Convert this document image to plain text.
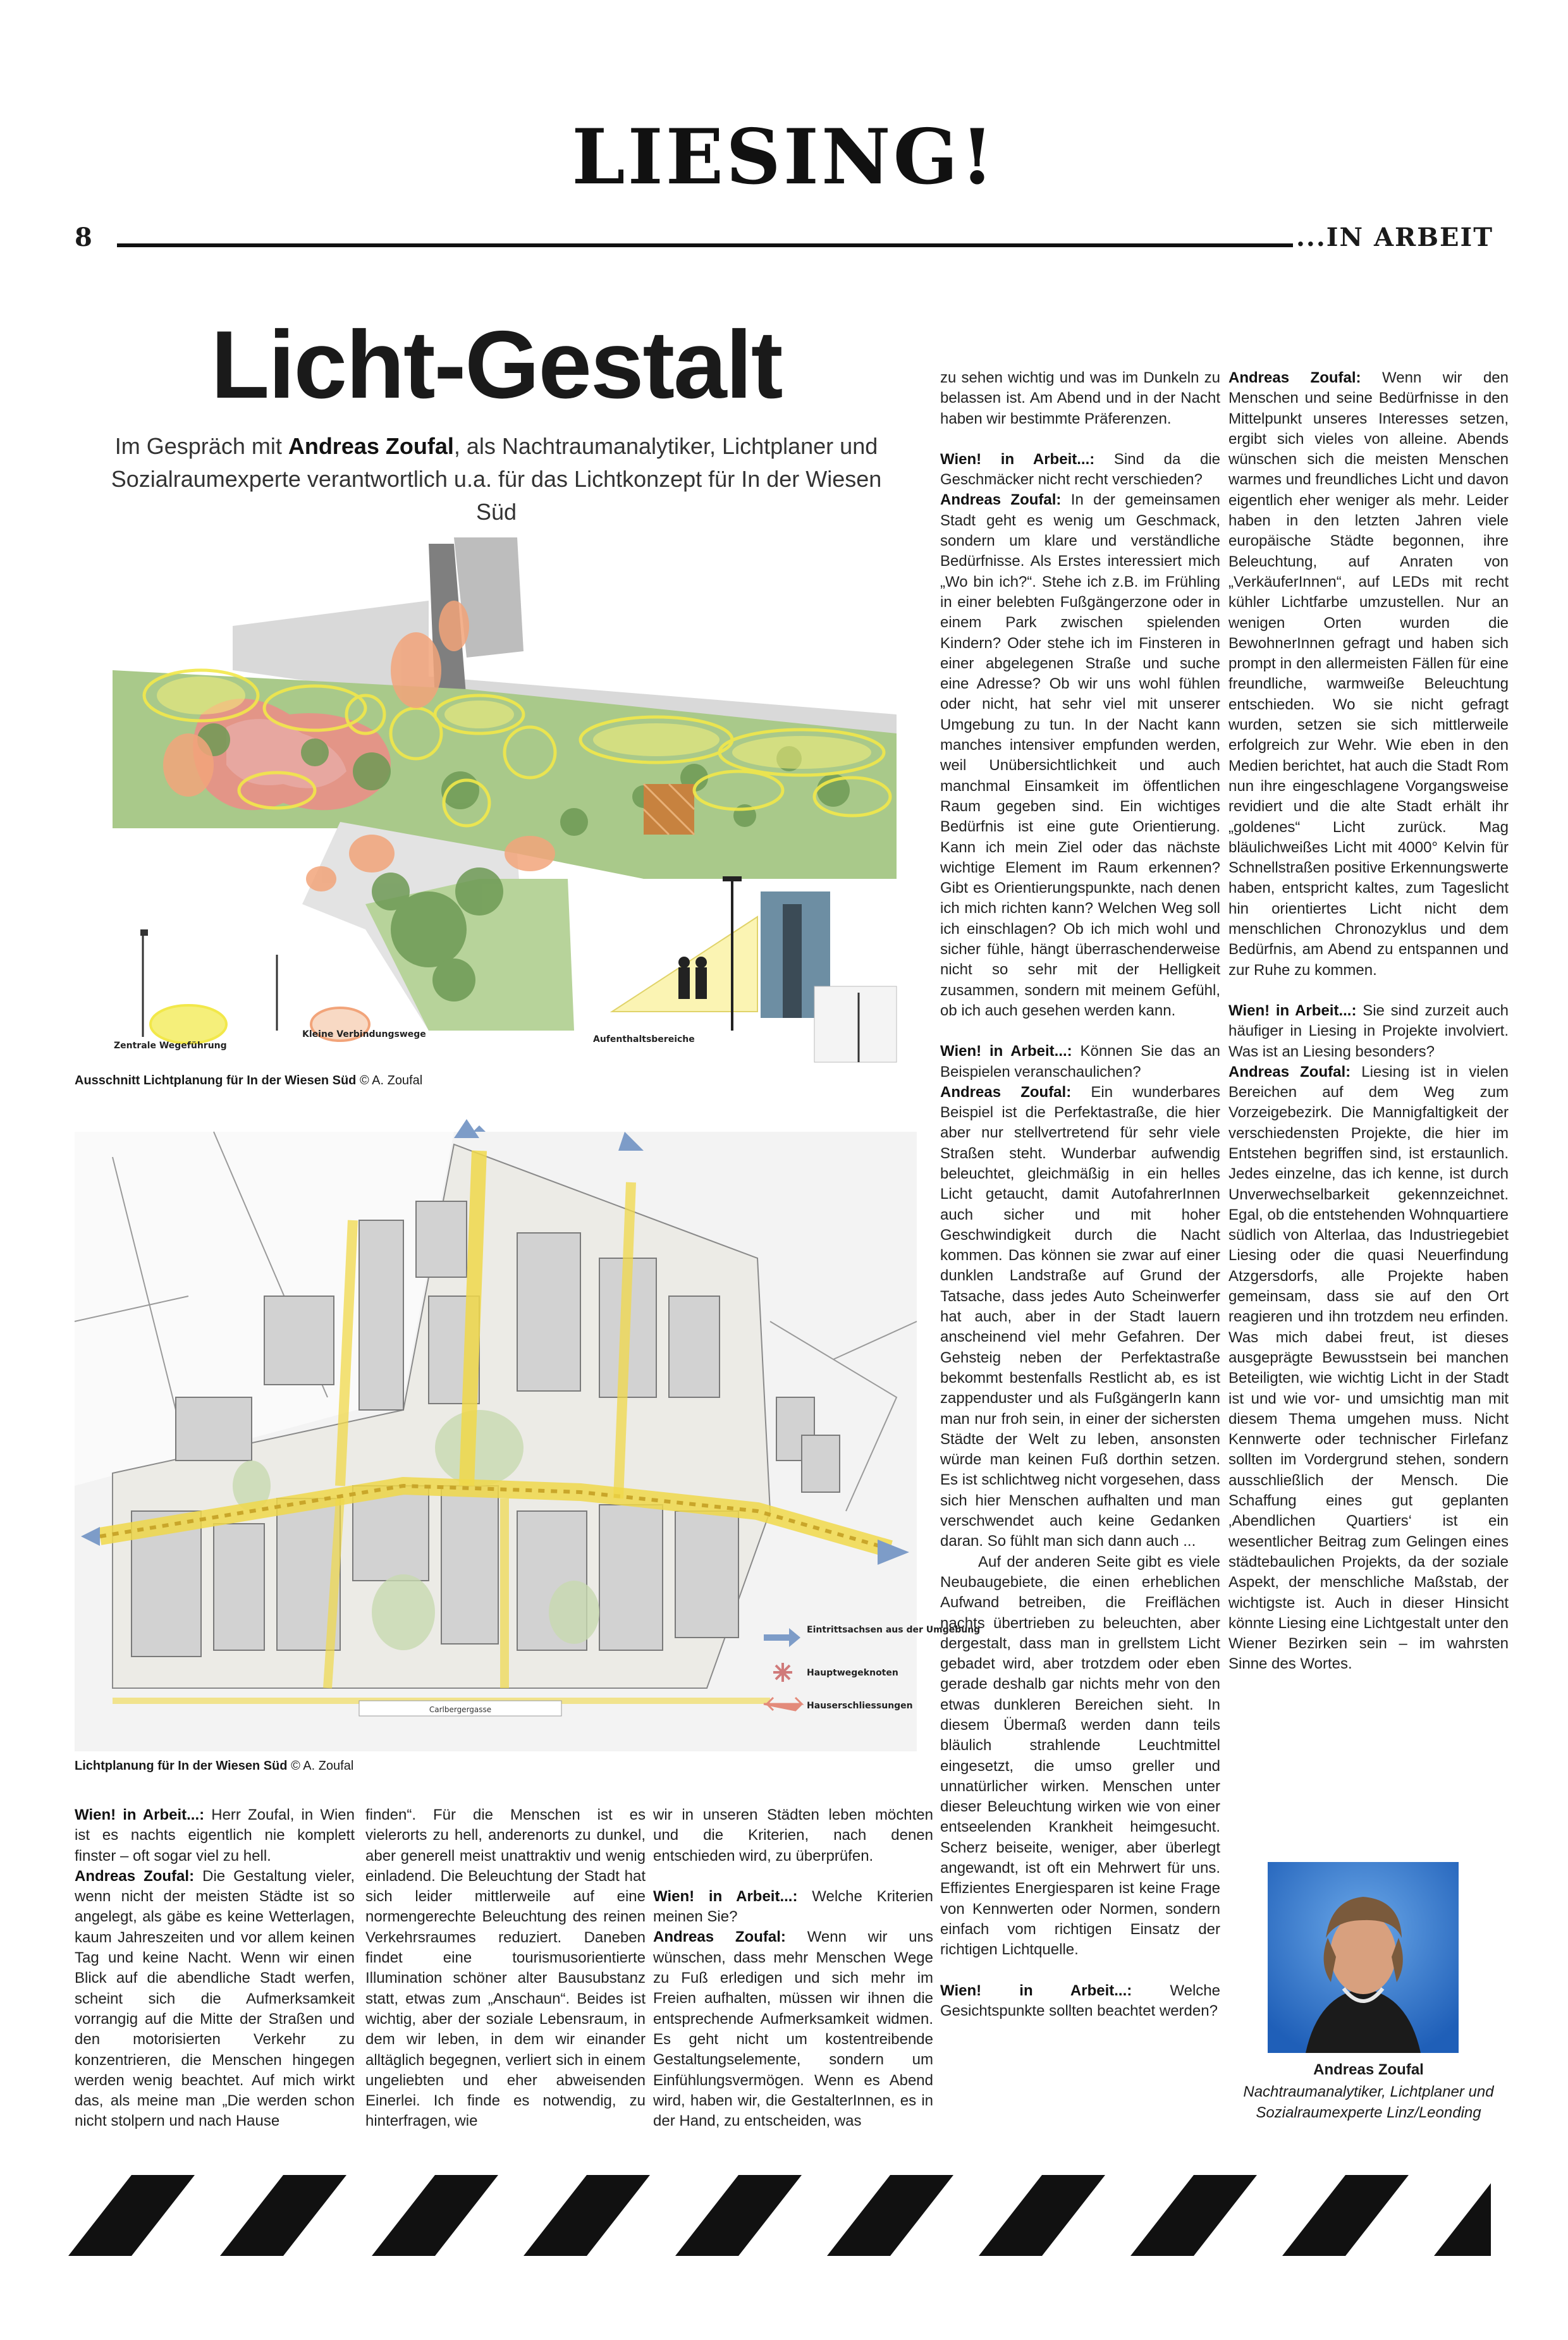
LIESING!
8	...IN ARBEIT
Licht-Gestalt
Im Gespräch mit Andreas Zoufal, als Nachtraumanalytiker, Lichtplaner und Sozialraumexperte verantwortlich u.a. für das Lichtkonzept für In der Wiesen Süd
Zentrale Wegeführung
Kleine Verbindungswege	Aufenthaltsbereiche
Ausschnitt Lichtplanung für In der Wiesen Süd © A. Zoufal
Carlbergergasse
Eintrittsachsen aus der Umgebung
Hauptwegeknoten
Hauserschliessungen
Lichtplanung für In der Wiesen Süd © A. Zoufal

Wien! in Arbeit...: Herr Zoufal, in Wien ist es nachts eigentlich nie komplett finster – oft sogar viel zu hell.

Andreas Zoufal: Die Gestaltung vieler, wenn nicht der meisten Städte ist so angelegt, als gäbe es keine Wetterlagen, kaum Jahreszeiten und vor allem keinen Tag und keine Nacht. Wenn wir einen Blick auf die abendliche Stadt werfen, scheint sich die Aufmerksamkeit vorrangig auf die Mitte der Straßen und den motorisierten Verkehr zu konzentrieren, die Menschen hingegen werden wenig beachtet. Auf mich wirkt das, als meine man „Die werden schon nicht stolpern und nach Hause

finden“. Für die Menschen ist es vielerorts zu hell, anderenorts zu dunkel, aber generell meist unattraktiv und wenig einladend. Die Beleuchtung der Stadt hat sich leider mittlerweile auf eine normengerechte Beleuchtung des reinen Verkehrsraumes reduziert. Daneben findet eine tourismusorientierte Illumination schöner alter Bausubstanz statt, etwas zum „Anschaun“. Beides ist wichtig, aber der soziale Lebensraum, in dem wir leben, in dem wir einander alltäglich begegnen, verliert sich in einem ungeliebten und eher abweisenden Einerlei. Ich finde es notwendig, zu hinterfragen, wie

wir in unseren Städten leben möchten und die Kriterien, nach denen entschieden wird, zu überprüfen.

Wien! in Arbeit...: Welche Kriterien meinen Sie?

Andreas Zoufal: Wenn wir uns wünschen, dass mehr Menschen Wege zu Fuß erledigen und sich mehr im Freien aufhalten, müssen wir ihnen die entsprechende Aufmerksamkeit widmen. Es geht nicht um kostentreibende Gestaltungselemente, sondern um Einfühlungsvermögen. Wenn es Abend wird, haben wir, die GestalterInnen, es in der Hand, zu entscheiden, was

zu sehen wichtig und was im Dunkeln zu belassen ist. Am Abend und in der Nacht haben wir bestimmte Präferenzen.

Wien! in Arbeit...: Sind da die Geschmäcker nicht recht verschieden?

Andreas Zoufal: In der gemeinsamen Stadt geht es wenig um Geschmack, sondern um klare und verständliche Bedürfnisse. Als Erstes interessiert mich „Wo bin ich?“. Stehe ich z.B. im Frühling in einer belebten Fußgängerzone oder in einem Park zwischen spielenden Kindern? Oder stehe ich im Finsteren in einer abgelegenen Straße und suche eine Adresse? Ob wir uns wohl fühlen oder nicht, hat sehr viel mit unserer Umgebung zu tun. In der Nacht kann manches intensiver empfunden werden, weil Unübersichtlichkeit und auch manchmal Einsamkeit im öffentlichen Raum gegeben sind. Ein wichtiges Bedürfnis ist eine gute Orientierung. Kann ich mein Ziel oder das nächste wichtige Element im Raum erkennen? Gibt es Orientierungspunkte, nach denen ich mich richten kann? Welchen Weg soll ich einschlagen? Ob ich mich wohl und sicher fühle, hängt überraschenderweise nicht so sehr mit der Helligkeit zusammen, sondern mit meinem Gefühl, ob ich auch gesehen werden kann.

Wien! in Arbeit...: Können Sie das an Beispielen veranschaulichen?

Andreas Zoufal: Ein wunderbares Beispiel ist die Perfektastraße, die hier aber nur stellvertretend für sehr viele Straßen steht. Wunderbar aufwendig beleuchtet, gleichmäßig in ein helles Licht getaucht, damit AutofahrerInnen auch sicher und mit hoher Geschwindigkeit durch die Nacht kommen. Das können sie zwar auf einer dunklen Landstraße auf Grund der Tatsache, dass jedes Auto Scheinwerfer hat auch, aber in der Stadt lauern anscheinend viel mehr Gefahren. Der Gehsteig neben der Perfektastraße bekommt bestenfalls Restlicht ab, es ist zappenduster und als FußgängerIn kann man nur froh sein, in einer der sichersten Städte der Welt zu leben, ansonsten würde man keinen Fuß dorthin setzen. Es ist schlichtweg nicht vorgesehen, dass sich hier Menschen aufhalten und man verschwendet auch keine Gedanken daran. So fühlt man sich dann auch ...

Auf der anderen Seite gibt es viele Neubaugebiete, die einen erheblichen Aufwand betreiben, die Freiflächen nachts übertrieben zu beleuchten, aber dergestalt, dass man in grellstem Licht gebadet wird, aber trotzdem oder eben gerade deshalb gar nichts mehr von den etwas dunkleren Bereichen sieht. In diesem Übermaß werden dann teils bläulich strahlende Leuchtmittel eingesetzt, die umso greller und unnatürlicher wirken. Menschen unter dieser Beleuchtung wirken wie von einer entseelenden Krankheit heimgesucht. Scherz beiseite, weniger, aber überlegt angewandt, ist oft ein Mehrwert für uns. Effizientes Energiesparen ist keine Frage von Kennwerten oder Normen, sondern einfach vom richtigen Einsatz der richtigen Lichtquelle.

Wien! in Arbeit...: Welche Gesichtspunkte sollten beachtet werden?

Andreas Zoufal: Wenn wir den Menschen und seine Bedürfnisse in den Mittelpunkt unseres Interesses setzen, ergibt sich vieles von alleine. Abends wünschen sich die meisten Menschen warmes und freundliches Licht und davon eigentlich eher weniger als mehr. Leider haben in den letzten Jahren viele europäische Städte begonnen, ihre Beleuchtung, auf Anraten von „VerkäuferInnen“, auf LEDs mit recht kühler Lichtfarbe umzustellen. Nur an wenigen Orten wurden die BewohnerInnen gefragt und haben sich prompt in den allermeisten Fällen für eine freundliche, warmweiße Beleuchtung entschieden. Wo sie nicht gefragt wurden, setzen sie sich mittlerweile erfolgreich zur Wehr. Wie eben in den Medien berichtet, hat auch die Stadt Rom nun ihre eingeschlagene Vorgangsweise revidiert und die alte Stadt erhält ihr „goldenes“ Licht zurück. Mag bläulichweißes Licht mit 4000° Kelvin für Schnellstraßen positive Erkennungswerte haben, entspricht kaltes, zum Tageslicht hin orientiertes Licht nicht dem menschlichen Chronozyklus und dem Bedürfnis, am Abend zu entspannen und zur Ruhe zu kommen.

Wien! in Arbeit...: Sie sind zurzeit auch häufiger in Liesing in Projekte involviert. Was ist an Liesing besonders?

Andreas Zoufal: Liesing ist in vielen Bereichen auf dem Weg zum Vorzeigebezirk. Die Mannigfaltigkeit der verschiedensten Projekte, die hier im Entstehen begriffen sind, ist erstaunlich. Jedes einzelne, das ich kenne, ist durch Unverwechselbarkeit gekennzeichnet. Egal, ob die entstehenden Wohnquartiere südlich von Alterlaa, das Industriegebiet Liesing oder die quasi Neuerfindung Atzgersdorfs, alle Projekte haben gemeinsam, dass sie auf den Ort reagieren und ihn trotzdem neu erfinden. Was mich dabei freut, ist dieses ausgeprägte Bewusstsein bei manchen Beteiligten, wie wichtig Licht in der Stadt ist und wie vor- und umsichtig man mit diesem Thema umgehen muss. Nicht Kennwerte oder technischer Firlefanz sollten im Vordergrund stehen, sondern ausschließlich der Mensch. Die Schaffung eines gut geplanten ‚Abendlichen Quartiers‘ ist ein wesentlicher Beitrag zum Gelingen eines städtebaulichen Projekts, da der soziale Aspekt, der menschliche Maßstab, der wichtigste ist. Auch in dieser Hinsicht könnte Liesing eine Lichtgestalt unter den Wiener Bezirken sein – im wahrsten Sinne des Wortes.

Andreas Zoufal
Nachtraumanalytiker, Lichtplaner und Sozialraumexperte Linz/Leonding
